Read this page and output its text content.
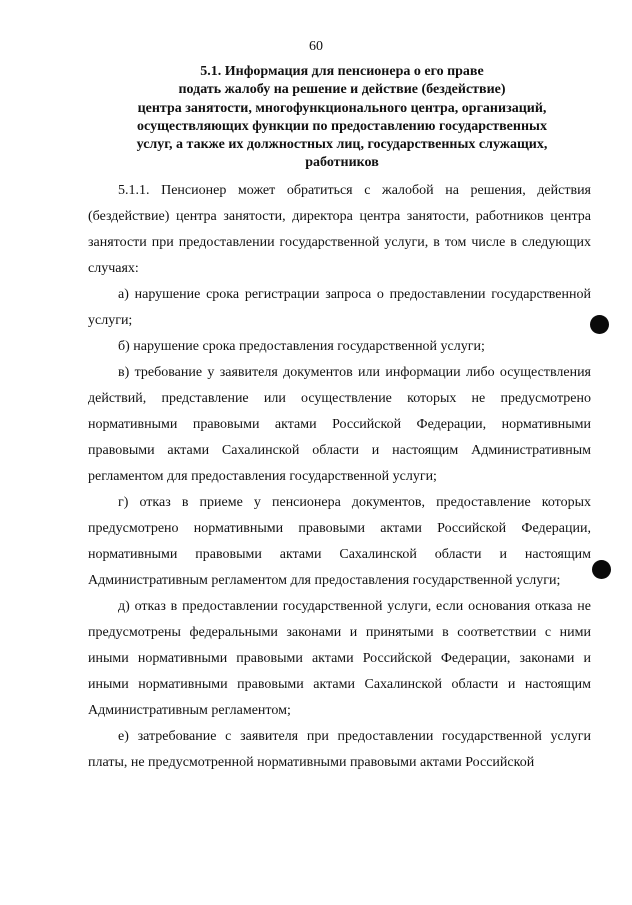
60
5.1. Информация для пенсионера о его праве
подать жалобу на решение и действие (бездействие)
центра занятости, многофункционального центра, организаций,
осуществляющих функции по предоставлению государственных
услуг, а также их должностных лиц, государственных служащих,
работников

5.1.1. Пенсионер может обратиться с жалобой на решения, действия (бездействие) центра занятости, директора центра занятости, работников центра занятости при предоставлении государственной услуги, в том числе в следующих случаях:

а) нарушение срока регистрации запроса о предоставлении государственной услуги;

б) нарушение срока предоставления государственной услуги;

в) требование у заявителя документов или информации либо осуществления действий, представление или осуществление которых не предусмотрено нормативными правовыми актами Российской Федерации, нормативными правовыми актами Сахалинской области и настоящим Административным регламентом для предоставления государственной услуги;

г) отказ в приеме у пенсионера документов, предоставление которых предусмотрено нормативными правовыми актами Российской Федерации, нормативными правовыми актами Сахалинской области и настоящим Административным регламентом для предоставления государственной услуги;

д) отказ в предоставлении государственной услуги, если основания отказа не предусмотрены федеральными законами и принятыми в соответствии с ними иными нормативными правовыми актами Российской Федерации, законами и иными нормативными правовыми актами Сахалинской области и настоящим Административным регламентом;

е) затребование с заявителя при предоставлении государственной услуги платы, не предусмотренной нормативными правовыми актами Российской
